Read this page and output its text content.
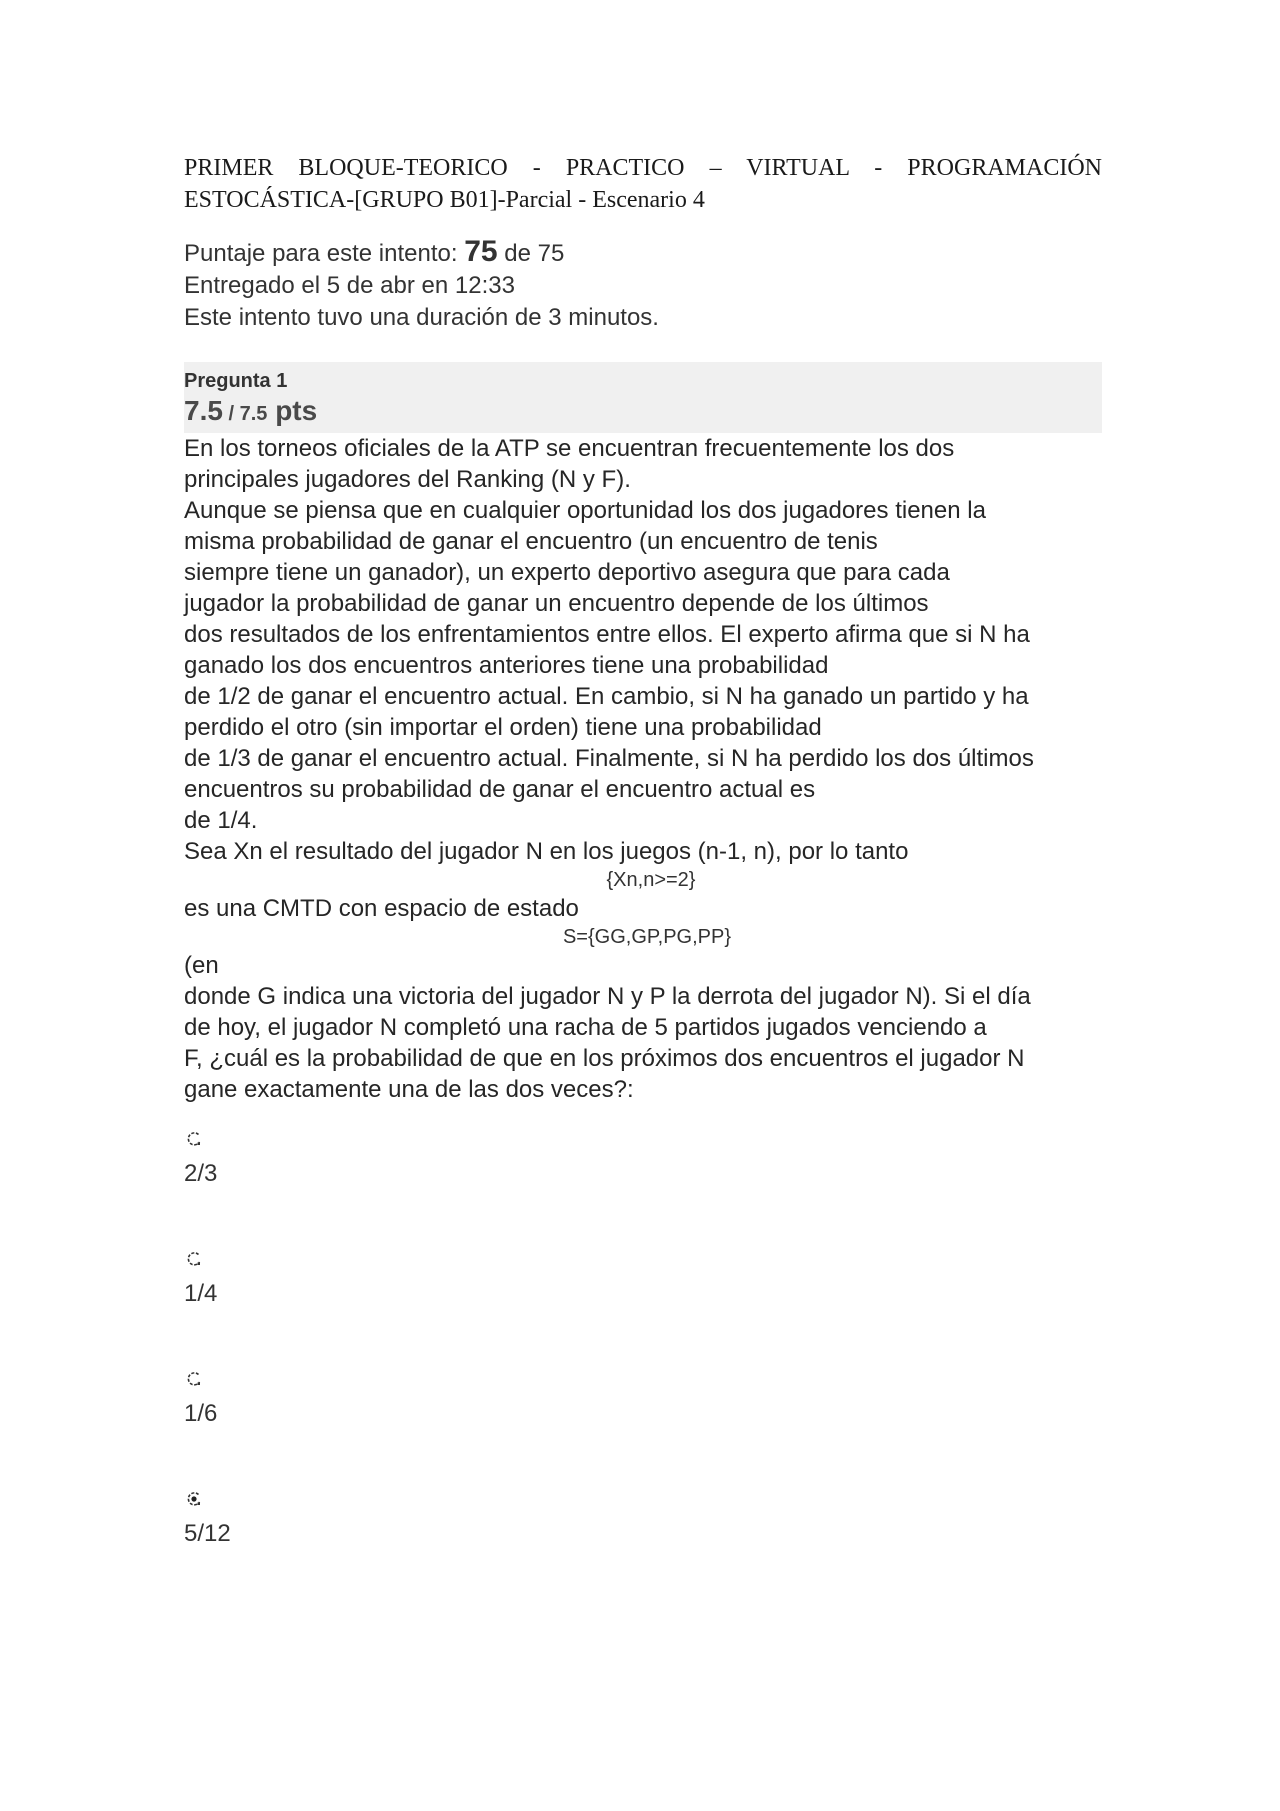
PRIMER BLOQUE-TEORICO - PRACTICO – VIRTUAL - PROGRAMACIÓN ESTOCÁSTICA-[GRUPO B01]-Parcial - Escenario 4

Puntaje para este intento: 75 de 75

Entregado el 5 de abr en 12:33

Este intento tuvo una duración de 3 minutos.

Pregunta 1
7.5 / 7.5 pts

En los torneos oficiales de la ATP se encuentran frecuentemente los dos

principales jugadores del Ranking (N y F).

Aunque se piensa que en cualquier oportunidad los dos jugadores tienen la

misma probabilidad de ganar el encuentro (un encuentro de tenis

siempre tiene un ganador), un experto deportivo asegura que para cada

jugador la probabilidad de ganar un encuentro depende de los últimos

dos resultados de los enfrentamientos entre ellos. El experto afirma que si N ha

ganado los dos encuentros anteriores tiene una probabilidad

de 1/2 de ganar el encuentro actual. En cambio, si N ha ganado un partido y ha

perdido el otro (sin importar el orden) tiene una probabilidad

de 1/3 de ganar el encuentro actual. Finalmente, si N ha perdido los dos últimos

encuentros su probabilidad de ganar el encuentro actual es

de 1/4.

Sea Xn el resultado del jugador N en los juegos (n-1, n), por lo tanto

{Xn,n>=2}

es una CMTD con espacio de estado

S={GG,GP,PG,PP}

(en

donde G indica una victoria del jugador N y P la derrota del jugador N). Si el día

de hoy, el jugador N completó una racha de 5 partidos jugados venciendo a

F, ¿cuál es la probabilidad de que en los próximos dos encuentros el jugador N

gane exactamente una de las dos veces?:

2/3
1/4
1/6
5/12
